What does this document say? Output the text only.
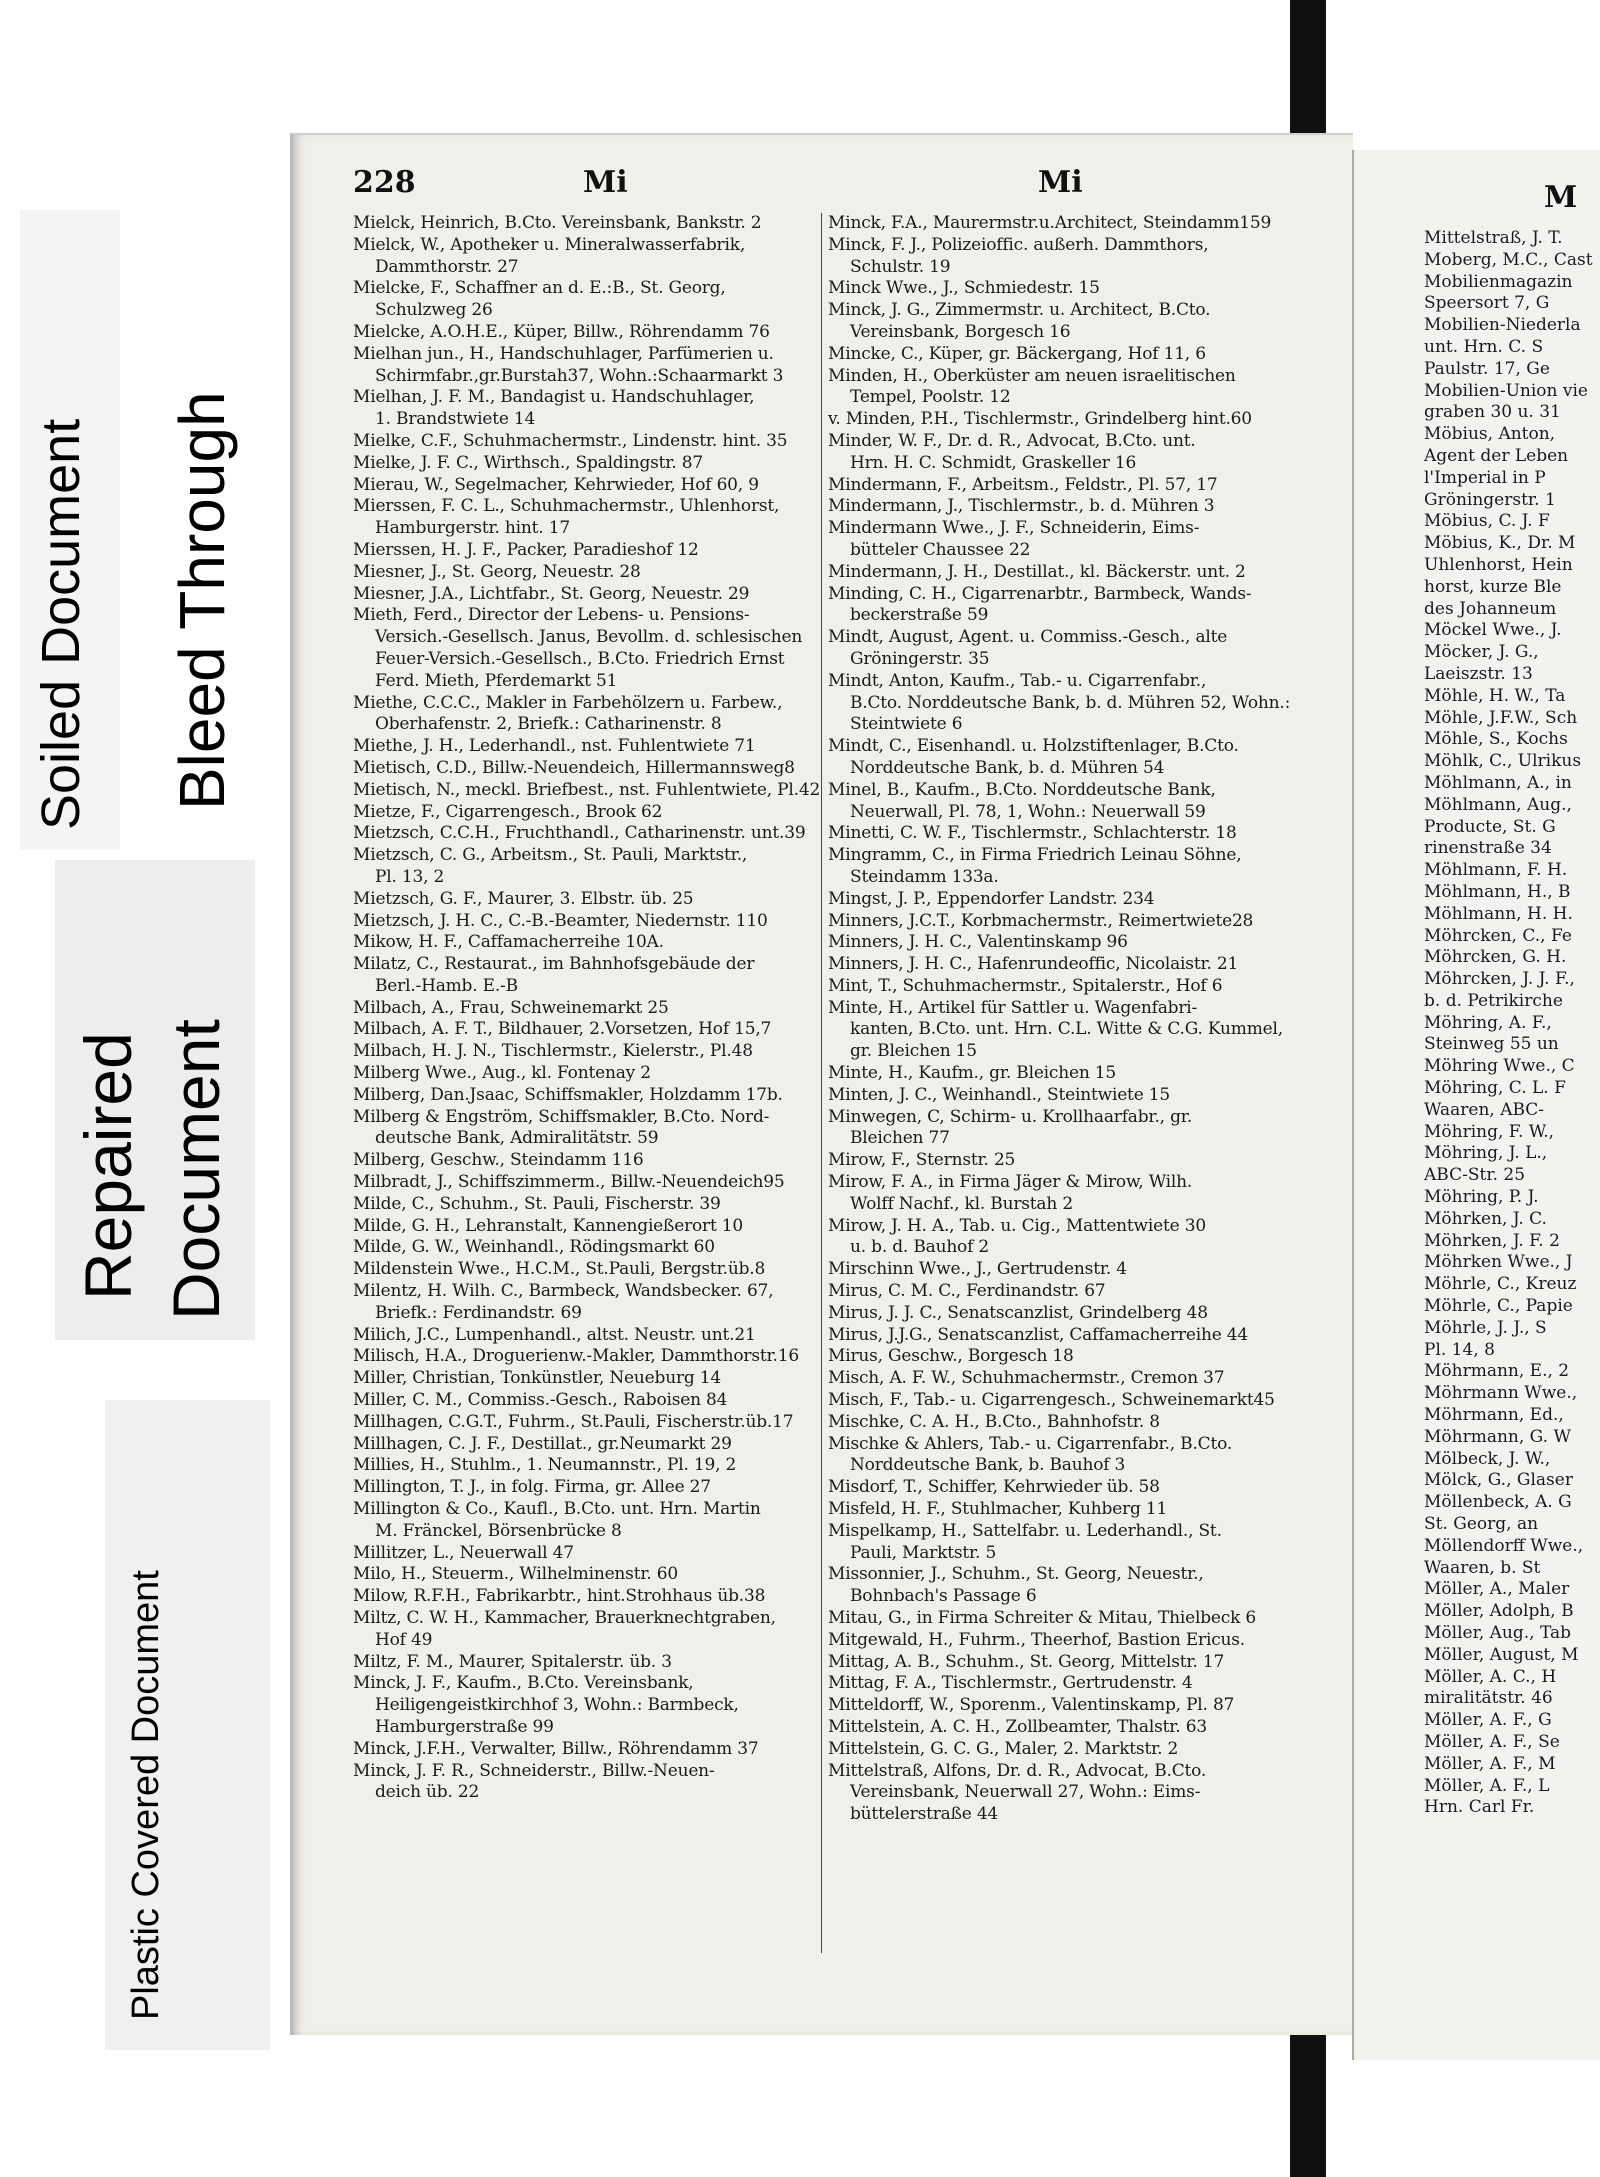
Soiled Document Bleed Through
Repaired Document
Plastic Covered Document
228	Mi	Mi
Mielck, Heinrich, B.Cto. Vereinsbank, Bankstr. 2
Mielck, W., Apotheker u. Mineralwasserfabrik,
Dammthorstr. 27
Mielcke, F., Schaffner an d. E.:B., St. Georg,
Schulzweg 26
Mielcke, A.O.H.E., Küper, Billw., Röhrendamm 76
Mielhan jun., H., Handschuhlager, Parfümerien u.
Schirmfabr.,gr.Burstah37, Wohn.:Schaarmarkt 3
Mielhan, J. F. M., Bandagist u. Handschuhlager,
1. Brandstwiete 14
Mielke, C.F., Schuhmachermstr., Lindenstr. hint. 35
Mielke, J. F. C., Wirthsch., Spaldingstr. 87
Mierau, W., Segelmacher, Kehrwieder, Hof 60, 9
Mierssen, F. C. L., Schuhmachermstr., Uhlenhorst,
Hamburgerstr. hint. 17
Mierssen, H. J. F., Packer, Paradieshof 12
Miesner, J., St. Georg, Neuestr. 28
Miesner, J.A., Lichtfabr., St. Georg, Neuestr. 29
Mieth, Ferd., Director der Lebens- u. Pensions-
Versich.-Gesellsch. Janus, Bevollm. d. schlesischen Feuer-Versich.-Gesellsch., B.Cto. Friedrich Ernst Ferd. Mieth, Pferdemarkt 51
Miethe, C.C.C., Makler in Farbehölzern u. Farbew.,
Oberhafenstr. 2, Briefk.: Catharinenstr. 8
Miethe, J. H., Lederhandl., nst. Fuhlentwiete 71
Mietisch, C.D., Billw.-Neuendeich, Hillermannsweg8
Mietisch, N., meckl. Briefbest., nst. Fuhlentwiete, Pl.42
Mietze, F., Cigarrengesch., Brook 62
Mietzsch, C.C.H., Fruchthandl., Catharinenstr. unt.39
Mietzsch, C. G., Arbeitsm., St. Pauli, Marktstr.,
Pl. 13, 2
Mietzsch, G. F., Maurer, 3. Elbstr. üb. 25
Mietzsch, J. H. C., C.-B.-Beamter, Niedernstr. 110
Mikow, H. F., Caffamacherreihe 10A.
Milatz, C., Restaurat., im Bahnhofsgebäude der
Berl.-Hamb. E.-B
Milbach, A., Frau, Schweinemarkt 25
Milbach, A. F. T., Bildhauer, 2.Vorsetzen, Hof 15,7
Milbach, H. J. N., Tischlermstr., Kielerstr., Pl.48
Milberg Wwe., Aug., kl. Fontenay 2
Milberg, Dan.Jsaac, Schiffsmakler, Holzdamm 17b.
Milberg & Engström, Schiffsmakler, B.Cto. Nord-
deutsche Bank, Admiralitätstr. 59
Milberg, Geschw., Steindamm 116
Milbradt, J., Schiffszimmerm., Billw.-Neuendeich95
Milde, C., Schuhm., St. Pauli, Fischerstr. 39
Milde, G. H., Lehranstalt, Kannengießerort 10
Milde, G. W., Weinhandl., Rödingsmarkt 60
Mildenstein Wwe., H.C.M., St.Pauli, Bergstr.üb.8
Milentz, H. Wilh. C., Barmbeck, Wandsbecker. 67,
Briefk.: Ferdinandstr. 69
Milich, J.C., Lumpenhandl., altst. Neustr. unt.21
Milisch, H.A., Droguerienw.-Makler, Dammthorstr.16
Miller, Christian, Tonkünstler, Neueburg 14
Miller, C. M., Commiss.-Gesch., Raboisen 84
Millhagen, C.G.T., Fuhrm., St.Pauli, Fischerstr.üb.17
Millhagen, C. J. F., Destillat., gr.Neumarkt 29
Millies, H., Stuhlm., 1. Neumannstr., Pl. 19, 2
Millington, T. J., in folg. Firma, gr. Allee 27
Millington & Co., Kaufl., B.Cto. unt. Hrn. Martin
M. Fränckel, Börsenbrücke 8
Millitzer, L., Neuerwall 47
Milo, H., Steuerm., Wilhelminenstr. 60
Milow, R.F.H., Fabrikarbtr., hint.Strohhaus üb.38
Miltz, C. W. H., Kammacher, Brauerknechtgraben,
Hof 49
Miltz, F. M., Maurer, Spitalerstr. üb. 3
Minck, J. F., Kaufm., B.Cto. Vereinsbank,
Heiligengeistkirchhof 3, Wohn.: Barmbeck, Hamburgerstraße 99
Minck, J.F.H., Verwalter, Billw., Röhrendamm 37
Minck, J. F. R., Schneiderstr., Billw.-Neuen-
deich üb. 22
Minck, F.A., Maurermstr.u.Architect, Steindamm159
Minck, F. J., Polizeioffic. außerh. Dammthors,
Schulstr. 19
Minck Wwe., J., Schmiedestr. 15
Minck, J. G., Zimmermstr. u. Architect, B.Cto.
Vereinsbank, Borgesch 16
Mincke, C., Küper, gr. Bäckergang, Hof 11, 6
Minden, H., Oberküster am neuen israelitischen
Tempel, Poolstr. 12
v. Minden, P.H., Tischlermstr., Grindelberg hint.60
Minder, W. F., Dr. d. R., Advocat, B.Cto. unt.
Hrn. H. C. Schmidt, Graskeller 16
Mindermann, F., Arbeitsm., Feldstr., Pl. 57, 17
Mindermann, J., Tischlermstr., b. d. Mühren 3
Mindermann Wwe., J. F., Schneiderin, Eims-
bütteler Chaussee 22
Mindermann, J. H., Destillat., kl. Bäckerstr. unt. 2
Minding, C. H., Cigarrenarbtr., Barmbeck, Wands-
beckerstraße 59
Mindt, August, Agent. u. Commiss.-Gesch., alte
Gröningerstr. 35
Mindt, Anton, Kaufm., Tab.- u. Cigarrenfabr.,
B.Cto. Norddeutsche Bank, b. d. Mühren 52, Wohn.: Steintwiete 6
Mindt, C., Eisenhandl. u. Holzstiftenlager, B.Cto.
Norddeutsche Bank, b. d. Mühren 54
Minel, B., Kaufm., B.Cto. Norddeutsche Bank,
Neuerwall, Pl. 78, 1, Wohn.: Neuerwall 59
Minetti, C. W. F., Tischlermstr., Schlachterstr. 18
Mingramm, C., in Firma Friedrich Leinau Söhne,
Steindamm 133a.
Mingst, J. P., Eppendorfer Landstr. 234
Minners, J.C.T., Korbmachermstr., Reimertwiete28
Minners, J. H. C., Valentinskamp 96
Minners, J. H. C., Hafenrundeoffic, Nicolaistr. 21
Mint, T., Schuhmachermstr., Spitalerstr., Hof 6
Minte, H., Artikel für Sattler u. Wagenfabri-
kanten, B.Cto. unt. Hrn. C.L. Witte & C.G. Kummel, gr. Bleichen 15
Minte, H., Kaufm., gr. Bleichen 15
Minten, J. C., Weinhandl., Steintwiete 15
Minwegen, C, Schirm- u. Krollhaarfabr., gr.
Bleichen 77
Mirow, F., Sternstr. 25
Mirow, F. A., in Firma Jäger & Mirow, Wilh.
Wolff Nachf., kl. Burstah 2
Mirow, J. H. A., Tab. u. Cig., Mattentwiete 30
u. b. d. Bauhof 2
Mirschinn Wwe., J., Gertrudenstr. 4
Mirus, C. M. C., Ferdinandstr. 67
Mirus, J. J. C., Senatscanzlist, Grindelberg 48
Mirus, J.J.G., Senatscanzlist, Caffamacherreihe 44
Mirus, Geschw., Borgesch 18
Misch, A. F. W., Schuhmachermstr., Cremon 37
Misch, F., Tab.- u. Cigarrengesch., Schweinemarkt45
Mischke, C. A. H., B.Cto., Bahnhofstr. 8
Mischke & Ahlers, Tab.- u. Cigarrenfabr., B.Cto.
Norddeutsche Bank, b. Bauhof 3
Misdorf, T., Schiffer, Kehrwieder üb. 58
Misfeld, H. F., Stuhlmacher, Kuhberg 11
Mispelkamp, H., Sattelfabr. u. Lederhandl., St.
Pauli, Marktstr. 5
Missonnier, J., Schuhm., St. Georg, Neuestr.,
Bohnbach's Passage 6
Mitau, G., in Firma Schreiter & Mitau, Thielbeck 6
Mitgewald, H., Fuhrm., Theerhof, Bastion Ericus.
Mittag, A. B., Schuhm., St. Georg, Mittelstr. 17
Mittag, F. A., Tischlermstr., Gertrudenstr. 4
Mitteldorff, W., Sporenm., Valentinskamp, Pl. 87
Mittelstein, A. C. H., Zollbeamter, Thalstr. 63
Mittelstein, G. C. G., Maler, 2. Marktstr. 2
Mittelstraß, Alfons, Dr. d. R., Advocat, B.Cto.
Vereinsbank, Neuerwall 27, Wohn.: Eims-büttelerstraße 44
M
Mittelstraß, J. T.
Moberg, M.C., Cast
Mobilienmagazin
Speersort 7, G
Mobilien-Niederla
unt. Hrn. C. S
Paulstr. 17, Ge
Mobilien-Union vie
graben 30 u. 31
Möbius, Anton,
Agent der Leben
l'Imperial in P
Gröningerstr. 1
Möbius, C. J. F
Möbius, K., Dr. M
Uhlenhorst, Hein
horst, kurze Ble
des Johanneum
Möckel Wwe., J.
Möcker, J. G.,
Laeiszstr. 13
Möhle, H. W., Ta
Möhle, J.F.W., Sch
Möhle, S., Kochs
Möhlk, C., Ulrikus
Möhlmann, A., in
Möhlmann, Aug.,
Producte, St. G
rinenstraße 34
Möhlmann, F. H.
Möhlmann, H., B
Möhlmann, H. H.
Möhrcken, C., Fe
Möhrcken, G. H.
Möhrcken, J. J. F.,
b. d. Petrikirche
Möhring, A. F.,
Steinweg 55 un
Möhring Wwe., C
Möhring, C. L. F
Waaren, ABC-
Möhring, F. W.,
Möhring, J. L.,
ABC-Str. 25
Möhring, P. J.
Möhrken, J. C.
Möhrken, J. F. 2
Möhrken Wwe., J
Möhrle, C., Kreuz
Möhrle, C., Papie
Möhrle, J. J., S
Pl. 14, 8
Möhrmann, E., 2
Möhrmann Wwe.,
Möhrmann, Ed.,
Möhrmann, G. W
Mölbeck, J. W.,
Mölck, G., Glaser
Möllenbeck, A. G
St. Georg, an
Möllendorff Wwe.,
Waaren, b. St
Möller, A., Maler
Möller, Adolph, B
Möller, Aug., Tab
Möller, August, M
Möller, A. C., H
miralitätstr. 46
Möller, A. F., G
Möller, A. F., Se
Möller, A. F., M
Möller, A. F., L
Hrn. Carl Fr.
